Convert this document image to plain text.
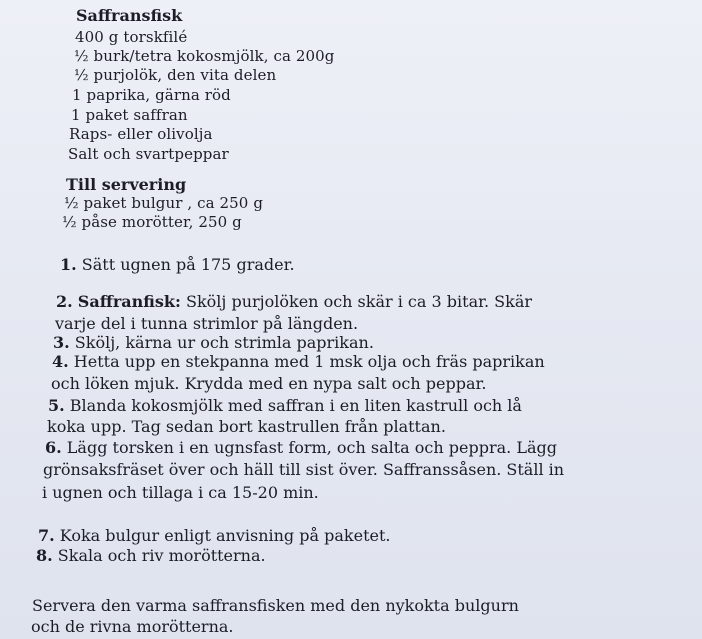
Saffransfisk
400 g torskfilé
½ burk/tetra kokosmjölk, ca 200g
½ purjolök, den vita delen
1 paprika, gärna röd
1 paket saffran
Raps- eller olivolja
Salt och svartpeppar
Till servering
½ paket bulgur , ca 250 g
½ påse morötter, 250 g
1. Sätt ugnen på 175 grader.
2. Saffranfisk: Skölj purjolöken och skär i ca 3 bitar. Skär
varje del i tunna strimlor på längden.
3. Skölj, kärna ur och strimla paprikan.
4. Hetta upp en stekpanna med 1 msk olja och fräs paprikan
och löken mjuk. Krydda med en nypa salt och peppar.
5. Blanda kokosmjölk med saffran i en liten kastrull och lå
koka upp. Tag sedan bort kastrullen från plattan.
6. Lägg torsken i en ugnsfast form, och salta och peppra. Lägg
grönsaksfräset över och häll till sist över. Saffranssåsen. Ställ in
i ugnen och tillaga i ca 15-20 min.
7. Koka bulgur enligt anvisning på paketet.
8. Skala och riv morötterna.
Servera den varma saffransfisken med den nykokta bulgurn
och de rivna morötterna.
